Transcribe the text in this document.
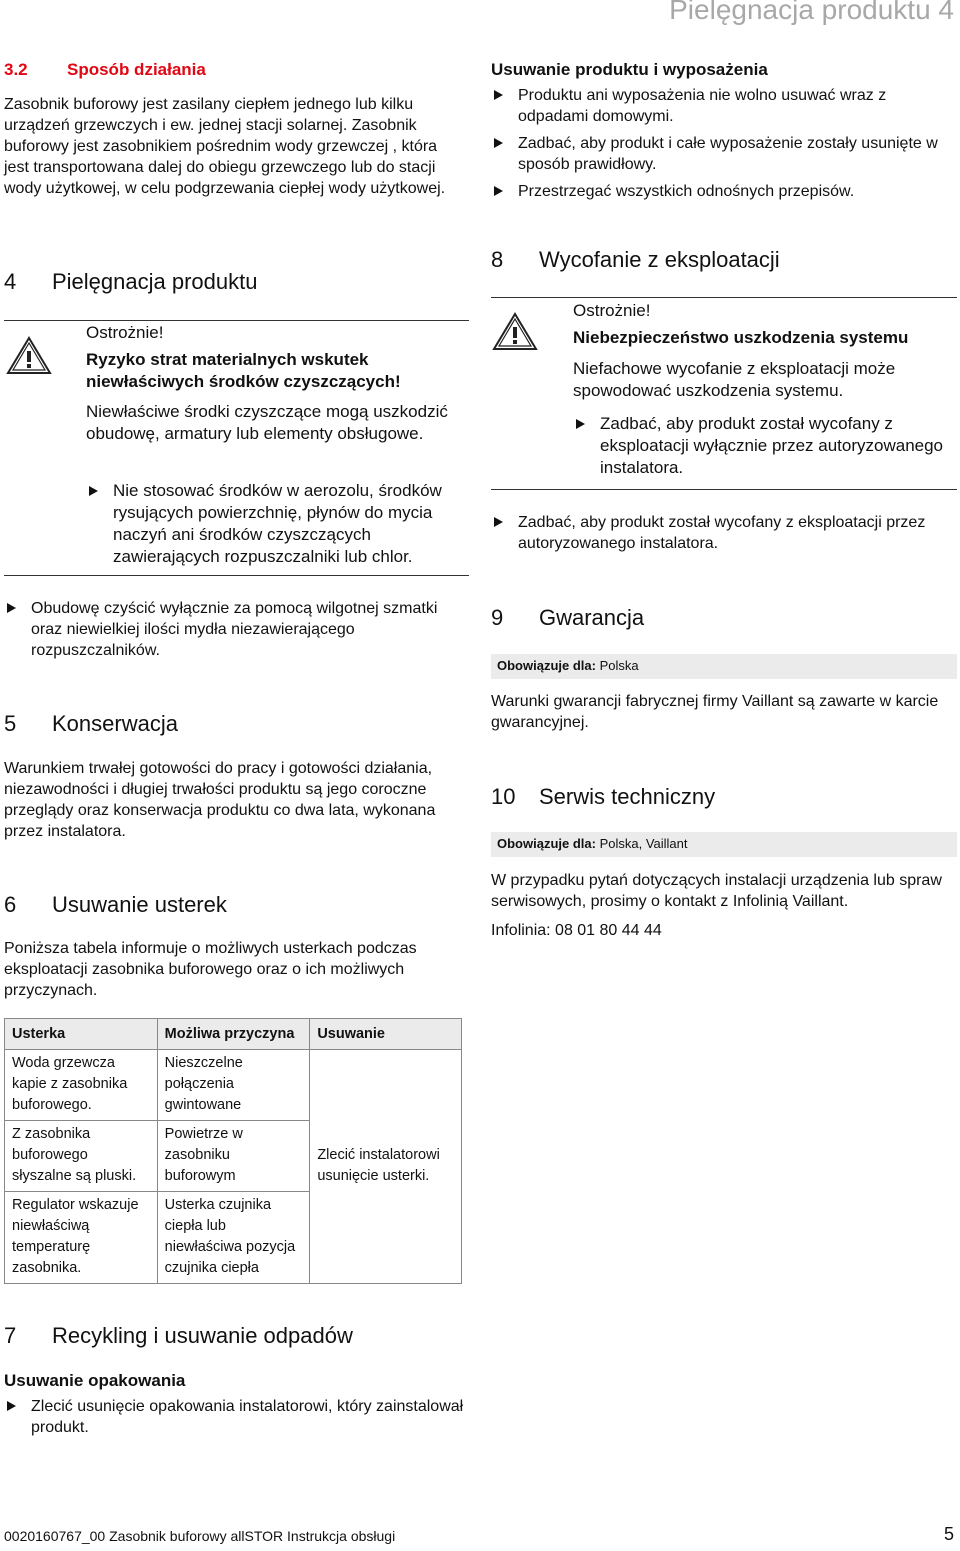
Pielęgnacja produktu 4
3.2 Sposób działania

Zasobnik buforowy jest zasilany ciepłem jednego lub kilku urządzeń grzewczych i ew. jednej stacji solarnej. Zasobnik buforowy jest zasobnikiem pośrednim wody grzewczej , która jest transportowana dalej do obiegu grzewczego lub do stacji wody użytkowej, w celu podgrzewania ciepłej wody użytkowej.

4 Pielęgnacja produktu
Ostrożnie!
Ryzyko strat materialnych wskutek niewłaściwych środków czyszczących!
Niewłaściwe środki czyszczące mogą uszkodzić obudowę, armatury lub elementy obsługowe.
Nie stosować środków w aerozolu, środków rysujących powierzchnię, płynów do mycia naczyń ani środków czyszczących zawierających rozpuszczalniki lub chlor.
Obudowę czyścić wyłącznie za pomocą wilgotnej szmatki oraz niewielkiej ilości mydła niezawierającego rozpuszczalników.
5 Konserwacja

Warunkiem trwałej gotowości do pracy i gotowości działania, niezawodności i długiej trwałości produktu są jego coroczne przeglądy oraz konserwacja produktu co dwa lata, wykonana przez instalatora.

6 Usuwanie usterek

Poniższa tabela informuje o możliwych usterkach podczas eksploatacji zasobnika buforowego oraz o ich możliwych przyczynach.

Usterka	Możliwa przyczyna	Usuwanie
Woda grzewcza kapie z zasobnika buforowego.	Nieszczelne połączenia gwintowane	Zlecić instalatorowi usunięcie usterki.
Z zasobnika buforowego słyszalne są pluski.	Powietrze w zasobniku buforowym	
Regulator wskazuje niewłaściwą temperaturę zasobnika.	Usterka czujnika ciepła lub niewłaściwa pozycja czujnika ciepła	
7 Recykling i usuwanie odpadów
Usuwanie opakowania
Zlecić usunięcie opakowania instalatorowi, który zainstalował produkt.
Usuwanie produktu i wyposażenia
Produktu ani wyposażenia nie wolno usuwać wraz z odpadami domowymi.
Zadbać, aby produkt i całe wyposażenie zostały usunięte w sposób prawidłowy.
Przestrzegać wszystkich odnośnych przepisów.
8 Wycofanie z eksploatacji
Ostrożnie!
Niebezpieczeństwo uszkodzenia systemu
Niefachowe wycofanie z eksploatacji może spowodować uszkodzenia systemu.
Zadbać, aby produkt został wycofany z eksploatacji wyłącznie przez autoryzowanego instalatora.
Zadbać, aby produkt został wycofany z eksploatacji przez autoryzowanego instalatora.
9 Gwarancja
Obowiązuje dla: Polska

Warunki gwarancji fabrycznej firmy Vaillant są zawarte w karcie gwarancyjnej.

10 Serwis techniczny
Obowiązuje dla: Polska, Vaillant

W przypadku pytań dotyczących instalacji urządzenia lub spraw serwisowych, prosimy o kontakt z Infolinią Vaillant.

Infolinia: 08 01 80 44 44

0020160767_00 Zasobnik buforowy allSTOR Instrukcja obsługi	5
